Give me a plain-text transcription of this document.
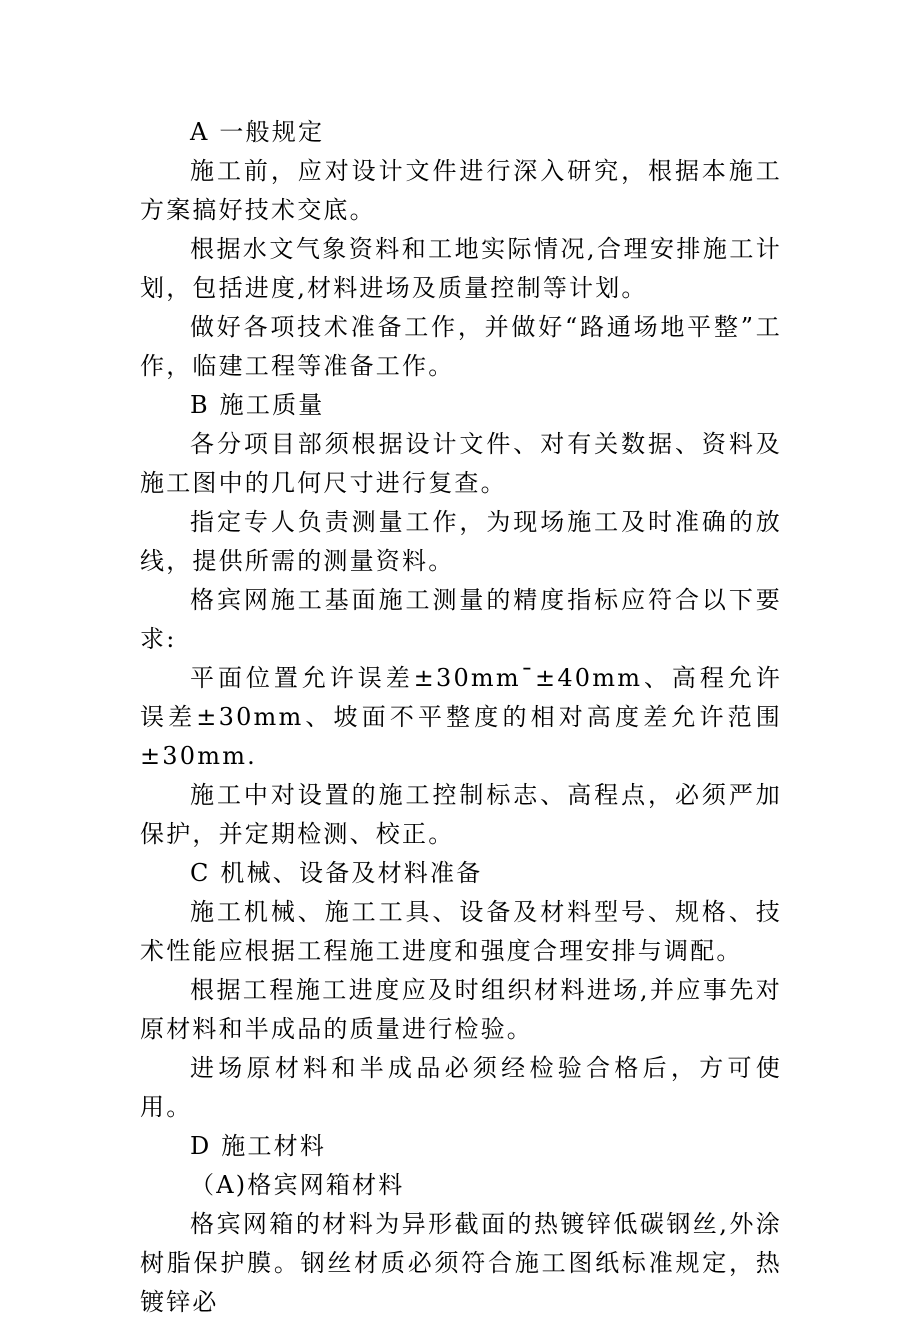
A 一般规定

施工前，应对设计文件进行深入研究，根据本施工方案搞好技术交底。

根据水文气象资料和工地实际情况,合理安排施工计划，包括进度,材料进场及质量控制等计划。

做好各项技术准备工作，并做好“路通场地平整”工作，临建工程等准备工作。

B 施工质量

各分项目部须根据设计文件、对有关数据、资料及施工图中的几何尺寸进行复查。

指定专人负责测量工作，为现场施工及时准确的放线，提供所需的测量资料。

格宾网施工基面施工测量的精度指标应符合以下要求:

平面位置允许误差±30mm¯±40mm、高程允许误差±30mm、坡面不平整度的相对高度差允许范围±30mm.

施工中对设置的施工控制标志、高程点，必须严加保护，并定期检测、校正。

C 机械、设备及材料准备

施工机械、施工工具、设备及材料型号、规格、技术性能应根据工程施工进度和强度合理安排与调配。

根据工程施工进度应及时组织材料进场,并应事先对原材料和半成品的质量进行检验。

进场原材料和半成品必须经检验合格后，方可使用。

D 施工材料

（A)格宾网箱材料

格宾网箱的材料为异形截面的热镀锌低碳钢丝,外涂树脂保护膜。钢丝材质必须符合施工图纸标准规定，热镀锌必
